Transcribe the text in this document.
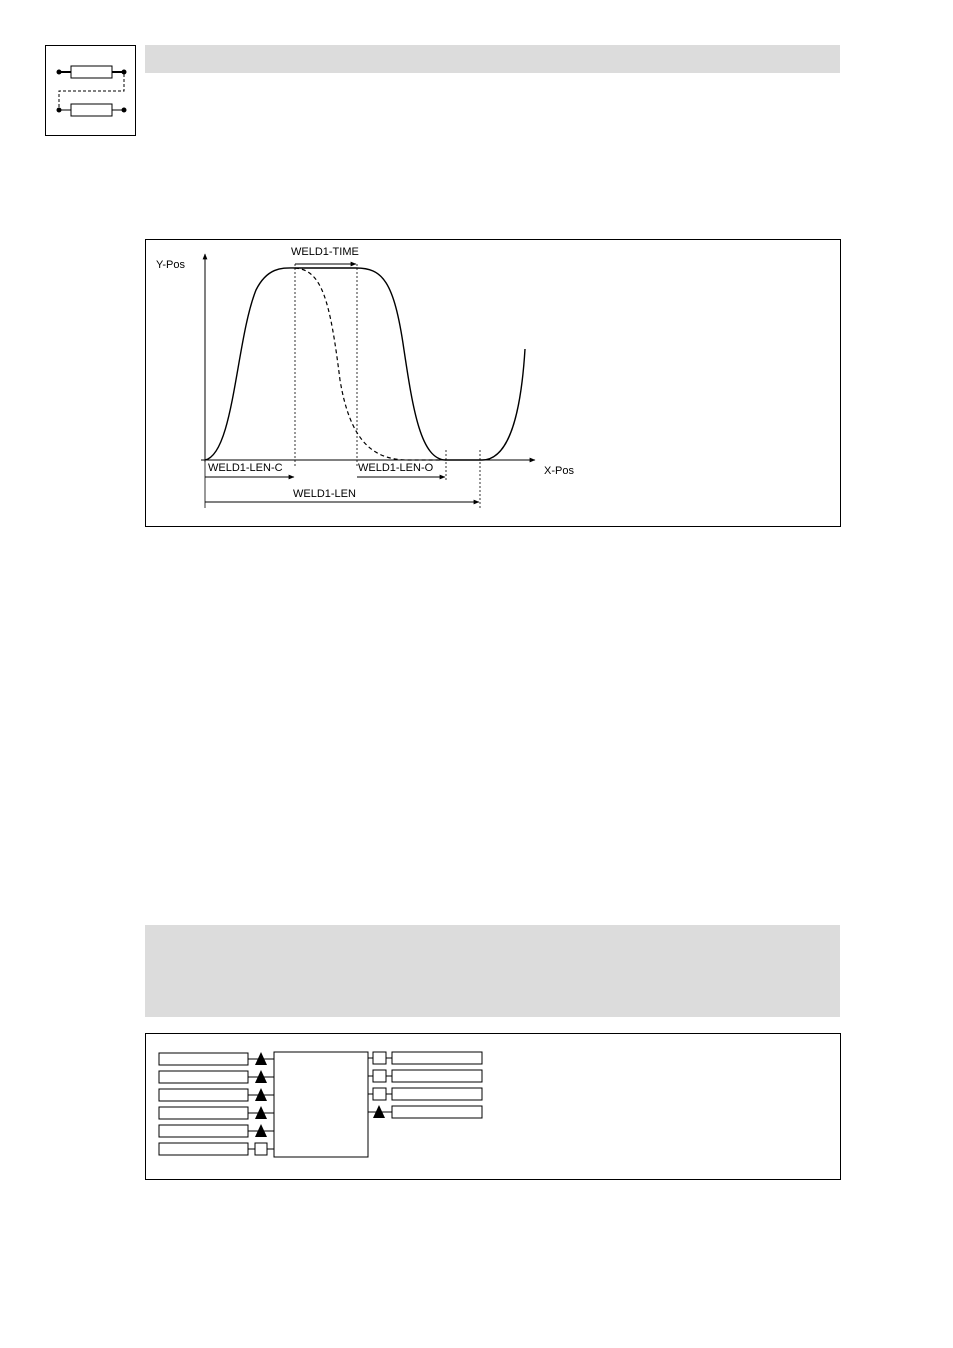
Y-Pos
X-Pos
WELD1-TIME
WELD1-LEN-C	WELD1-LEN-O
WELD1-LEN
